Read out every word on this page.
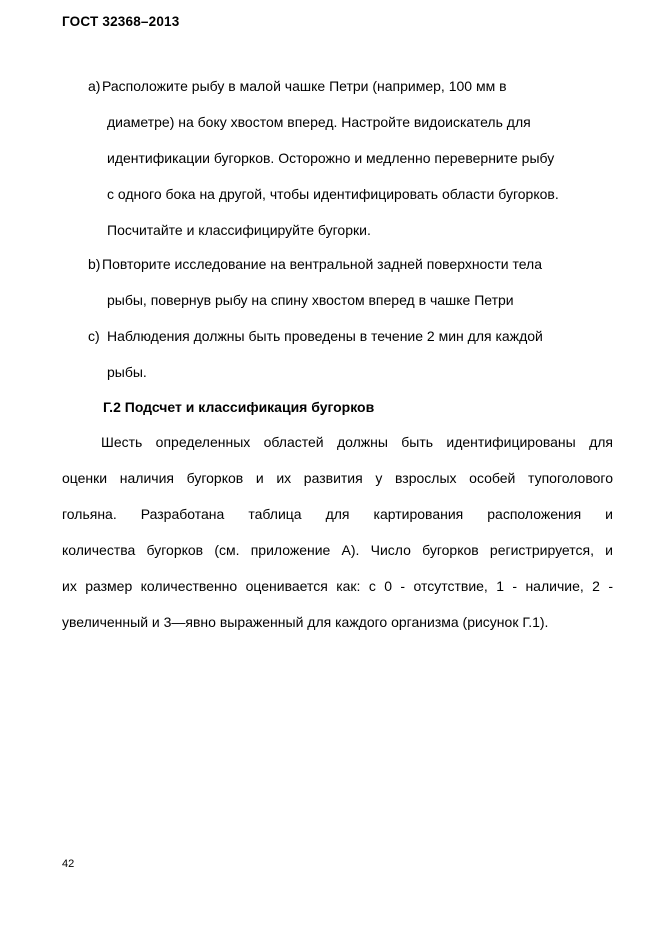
ГОСТ 32368–2013
a) Расположите рыбу в малой чашке Петри (например, 100 мм в
диаметре) на боку хвостом вперед. Настройте видоискатель для
идентификации бугорков. Осторожно и медленно переверните рыбу
с одного бока на другой, чтобы идентифицировать области бугорков.
Посчитайте и классифицируйте бугорки.
b) Повторите исследование на вентральной задней поверхности тела
рыбы, повернув рыбу на спину хвостом вперед в чашке Петри
c) Наблюдения должны быть проведены в течение 2 мин для каждой
рыбы.
Г.2 Подсчет и классификация бугорков
Шесть определенных областей должны быть идентифицированы для
оценки наличия бугорков и их развития у взрослых особей тупоголового
гольяна. Разработана таблица для картирования расположения и
количества бугорков (см. приложение А). Число бугорков регистрируется, и
их размер количественно оценивается как: с 0 - отсутствие, 1 - наличие, 2 -
увеличенный и 3—явно выраженный для каждого организма (рисунок Г.1).
42
